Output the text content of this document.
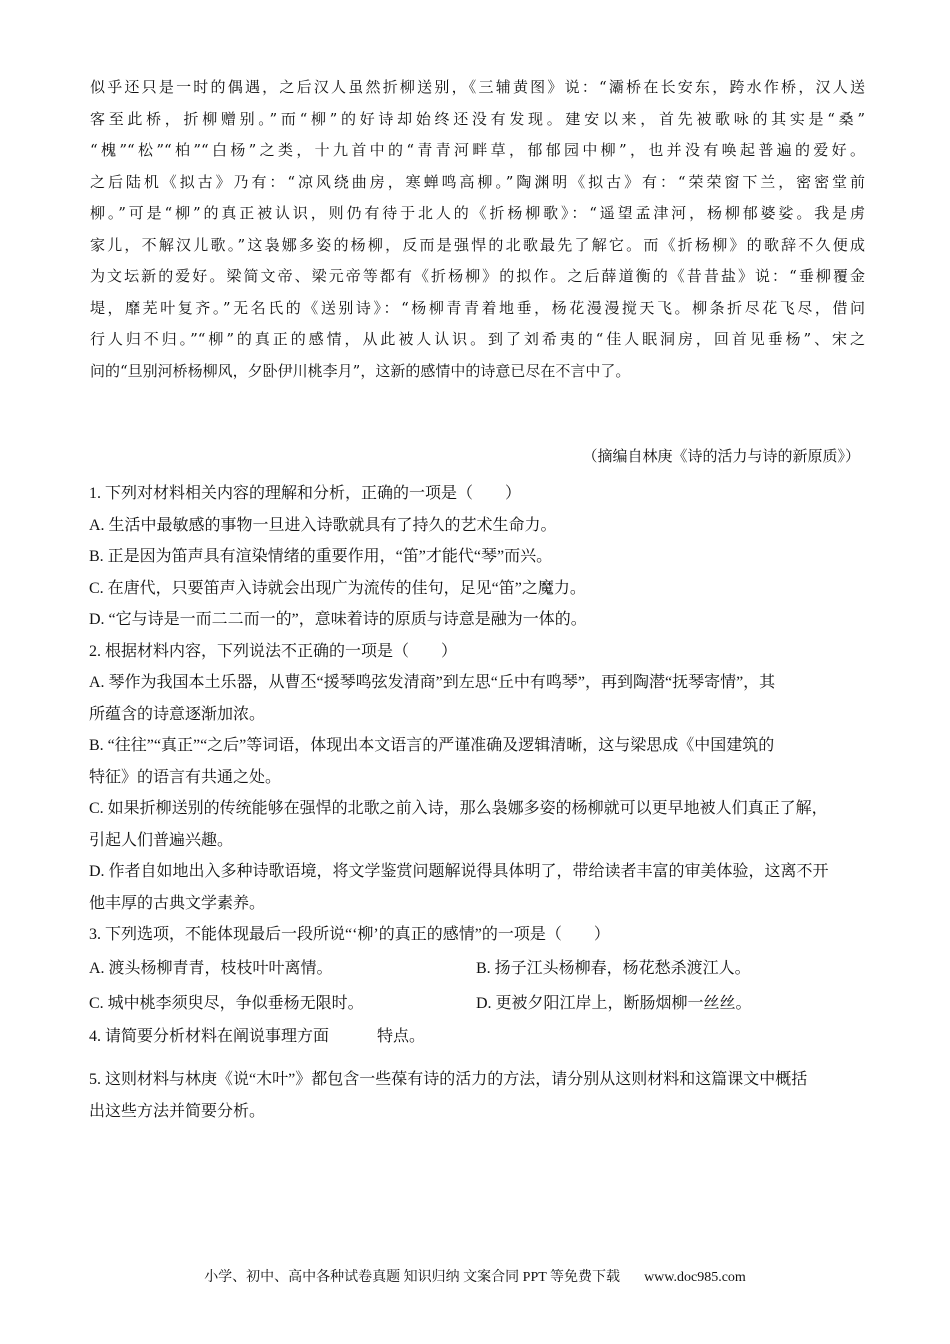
似乎还只是一时的偶遇，之后汉人虽然折柳送别，《三辅黄图》说：“灞桥在长安东，跨水作桥，汉人送
客至此桥，折柳赠别。”而“柳”的好诗却始终还没有发现。建安以来，首先被歌咏的其实是“桑”
“槐”“松”“柏”“白杨”之类，十九首中的“青青河畔草，郁郁园中柳”，也并没有唤起普遍的爱好。
之后陆机《拟古》乃有：“凉风绕曲房，寒蝉鸣高柳。”陶渊明《拟古》有：“荣荣窗下兰，密密堂前
柳。”可是“柳”的真正被认识，则仍有待于北人的《折杨柳歌》：“遥望孟津河，杨柳郁婆娑。我是虏
家儿，不解汉儿歌。”这袅娜多姿的杨柳，反而是强悍的北歌最先了解它。而《折杨柳》的歌辞不久便成
为文坛新的爱好。梁简文帝、梁元帝等都有《折杨柳》的拟作。之后薛道衡的《昔昔盐》说：“垂柳覆金
堤，靡芜叶复齐。”无名氏的《送别诗》：“杨柳青青着地垂，杨花漫漫搅天飞。柳条折尽花飞尽，借问
行人归不归。”“柳”的真正的感情，从此被人认识。到了刘希夷的“佳人眠洞房，回首见垂杨”、宋之
问的“旦别河桥杨柳风，夕卧伊川桃李月”，这新的感情中的诗意已尽在不言中了。
（摘编自林庚《诗的活力与诗的新原质》）
1. 下列对材料相关内容的理解和分析，正确的一项是（　　）
A. 生活中最敏感的事物一旦进入诗歌就具有了持久的艺术生命力。
B. 正是因为笛声具有渲染情绪的重要作用，“笛”才能代“琴”而兴。
C. 在唐代，只要笛声入诗就会出现广为流传的佳句，足见“笛”之魔力。
D. “它与诗是一而二二而一的”，意味着诗的原质与诗意是融为一体的。
2. 根据材料内容，下列说法不正确的一项是（　　）
A. 琴作为我国本土乐器，从曹丕“援琴鸣弦发清商”到左思“丘中有鸣琴”，再到陶潜“抚琴寄情”，其
所蕴含的诗意逐渐加浓。
B. “往往”“真正”“之后”等词语，体现出本文语言的严谨准确及逻辑清晰，这与梁思成《中国建筑的
特征》的语言有共通之处。
C. 如果折柳送别的传统能够在强悍的北歌之前入诗，那么袅娜多姿的杨柳就可以更早地被人们真正了解，
引起人们普遍兴趣。
D. 作者自如地出入多种诗歌语境，将文学鉴赏问题解说得具体明了，带给读者丰富的审美体验，这离不开
他丰厚的古典文学素养。
3. 下列选项，不能体现最后一段所说“‘柳’的真正的感情”的一项是（　　）
A. 渡头杨柳青青，枝枝叶叶离情。	B. 扬子江头杨柳春，杨花愁杀渡江人。
C. 城中桃李须臾尽，争似垂杨无限时。	D. 更被夕阳江岸上，断肠烟柳一丝丝。
4. 请简要分析材料在阐说事理方面　　　特点。
5. 这则材料与林庚《说“木叶”》都包含一些葆有诗的活力的方法，请分别从这则材料和这篇课文中概括
出这些方法并简要分析。
小学、初中、高中各种试卷真题 知识归纳 文案合同 PPT 等免费下载 www.doc985.com
